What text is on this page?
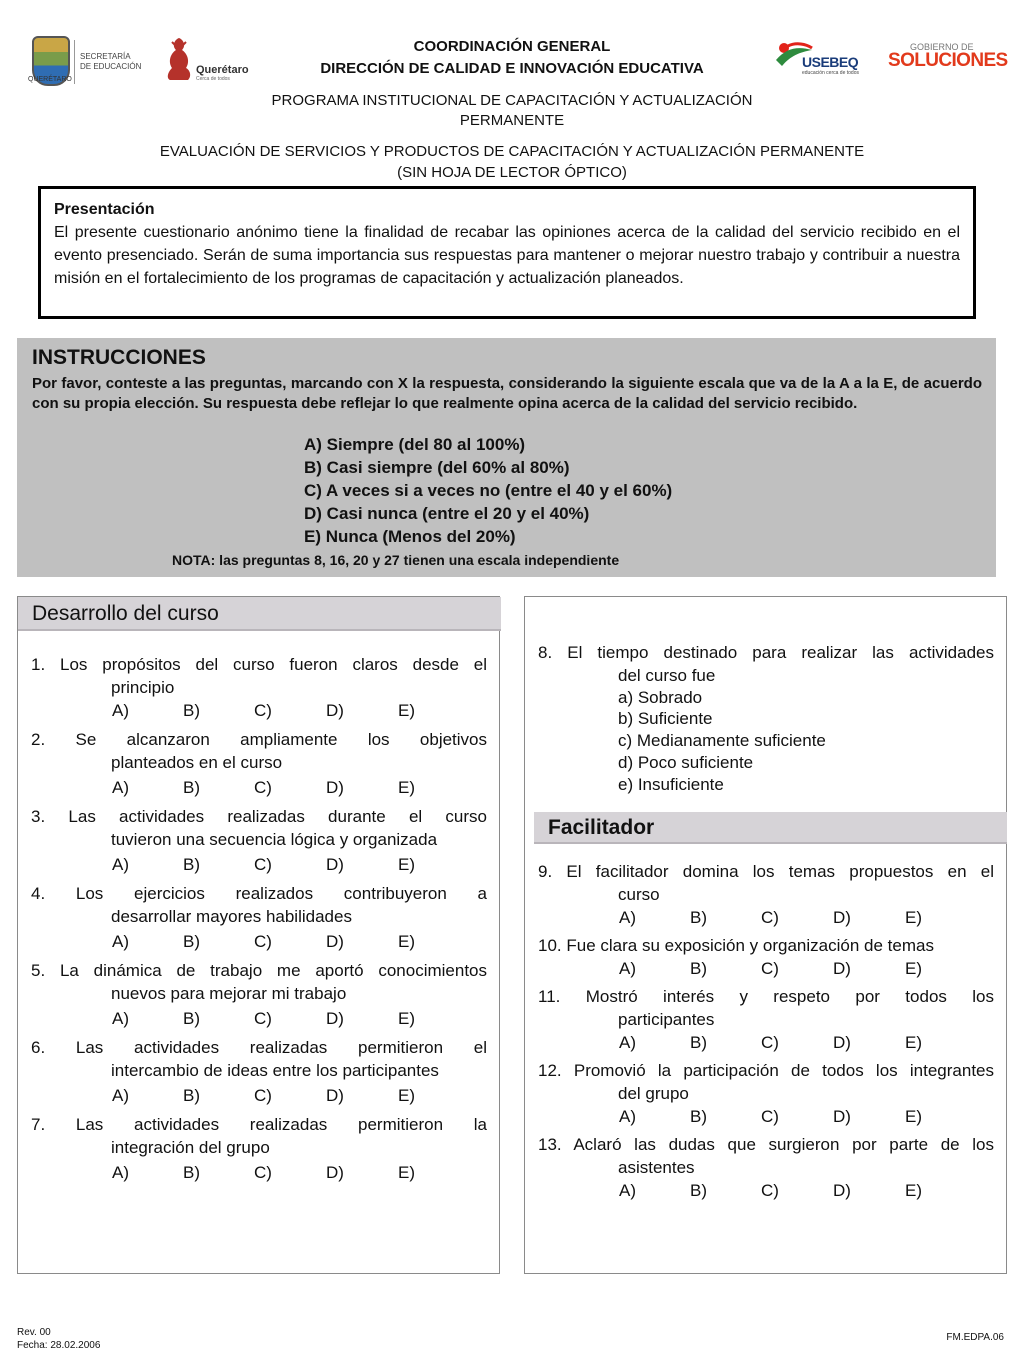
QUERÉTARO
SECRETARÍA
DE EDUCACIÓN	Querétaro
Cerca de todos
COORDINACIÓN GENERAL
DIRECCIÓN DE CALIDAD E INNOVACIÓN EDUCATIVA
PROGRAMA INSTITUCIONAL DE CAPACITACIÓN Y ACTUALIZACIÓN
PERMANENTE
EVALUACIÓN DE SERVICIOS Y PRODUCTOS DE CAPACITACIÓN Y ACTUALIZACIÓN PERMANENTE
(SIN HOJA DE LECTOR ÓPTICO)
USEBEQ
educación cerca de todos
GOBIERNO DE
SOLUCIONES
Presentación
El presente cuestionario anónimo tiene la finalidad de recabar las opiniones acerca de la calidad del servicio recibido en el evento presenciado. Serán de suma importancia sus respuestas para mantener o mejorar nuestro trabajo y contribuir a nuestra misión en el fortalecimiento de los programas de capacitación y actualización planeados.
INSTRUCCIONES
Por favor, conteste a las preguntas, marcando con X la respuesta, considerando la siguiente escala que va de la A a la E, de acuerdo con su propia elección. Su respuesta debe reflejar lo que realmente opina acerca de la calidad del servicio recibido.
A) Siempre (del 80 al 100%)
B) Casi siempre (del 60% al 80%)
C) A veces si a veces no (entre el 40 y el 60%)
D) Casi nunca (entre el 20 y el 40%)
E) Nunca (Menos del 20%)
NOTA: las preguntas 8, 16, 20 y 27 tienen una escala independiente
Desarrollo del curso
1. Los propósitos del curso fueron claros desde el
principio
A)	B)	C)	D)	E)
2. Se alcanzaron ampliamente los objetivos
planteados en el curso
A)	B)	C)	D)	E)
3. Las actividades realizadas durante el curso
tuvieron una secuencia lógica y organizada
A)	B)	C)	D)	E)
4. Los ejercicios realizados contribuyeron a
desarrollar mayores habilidades
A)	B)	C)	D)	E)
5. La dinámica de trabajo me aportó conocimientos
nuevos para mejorar mi trabajo
A)	B)	C)	D)	E)
6. Las actividades realizadas permitieron el
intercambio de ideas entre los participantes
A)	B)	C)	D)	E)
7. Las actividades realizadas permitieron la
integración del grupo
A)	B)	C)	D)	E)
8. El tiempo destinado para realizar las actividades
del curso fue
a) Sobrado
b) Suficiente
c) Medianamente suficiente
d) Poco suficiente
e) Insuficiente
Facilitador
9. El facilitador domina los temas propuestos en el
curso
A)	B)	C)	D)	E)
10. Fue clara su exposición y organización de temas
A)	B)	C)	D)	E)
11. Mostró interés y respeto por todos los
participantes
A)	B)	C)	D)	E)
12. Promovió la participación de todos los integrantes
del grupo
A)	B)	C)	D)	E)
13. Aclaró las dudas que surgieron por parte de los
asistentes
A)	B)	C)	D)	E)
Rev. 00
Fecha: 28.02.2006
FM.EDPA.06
